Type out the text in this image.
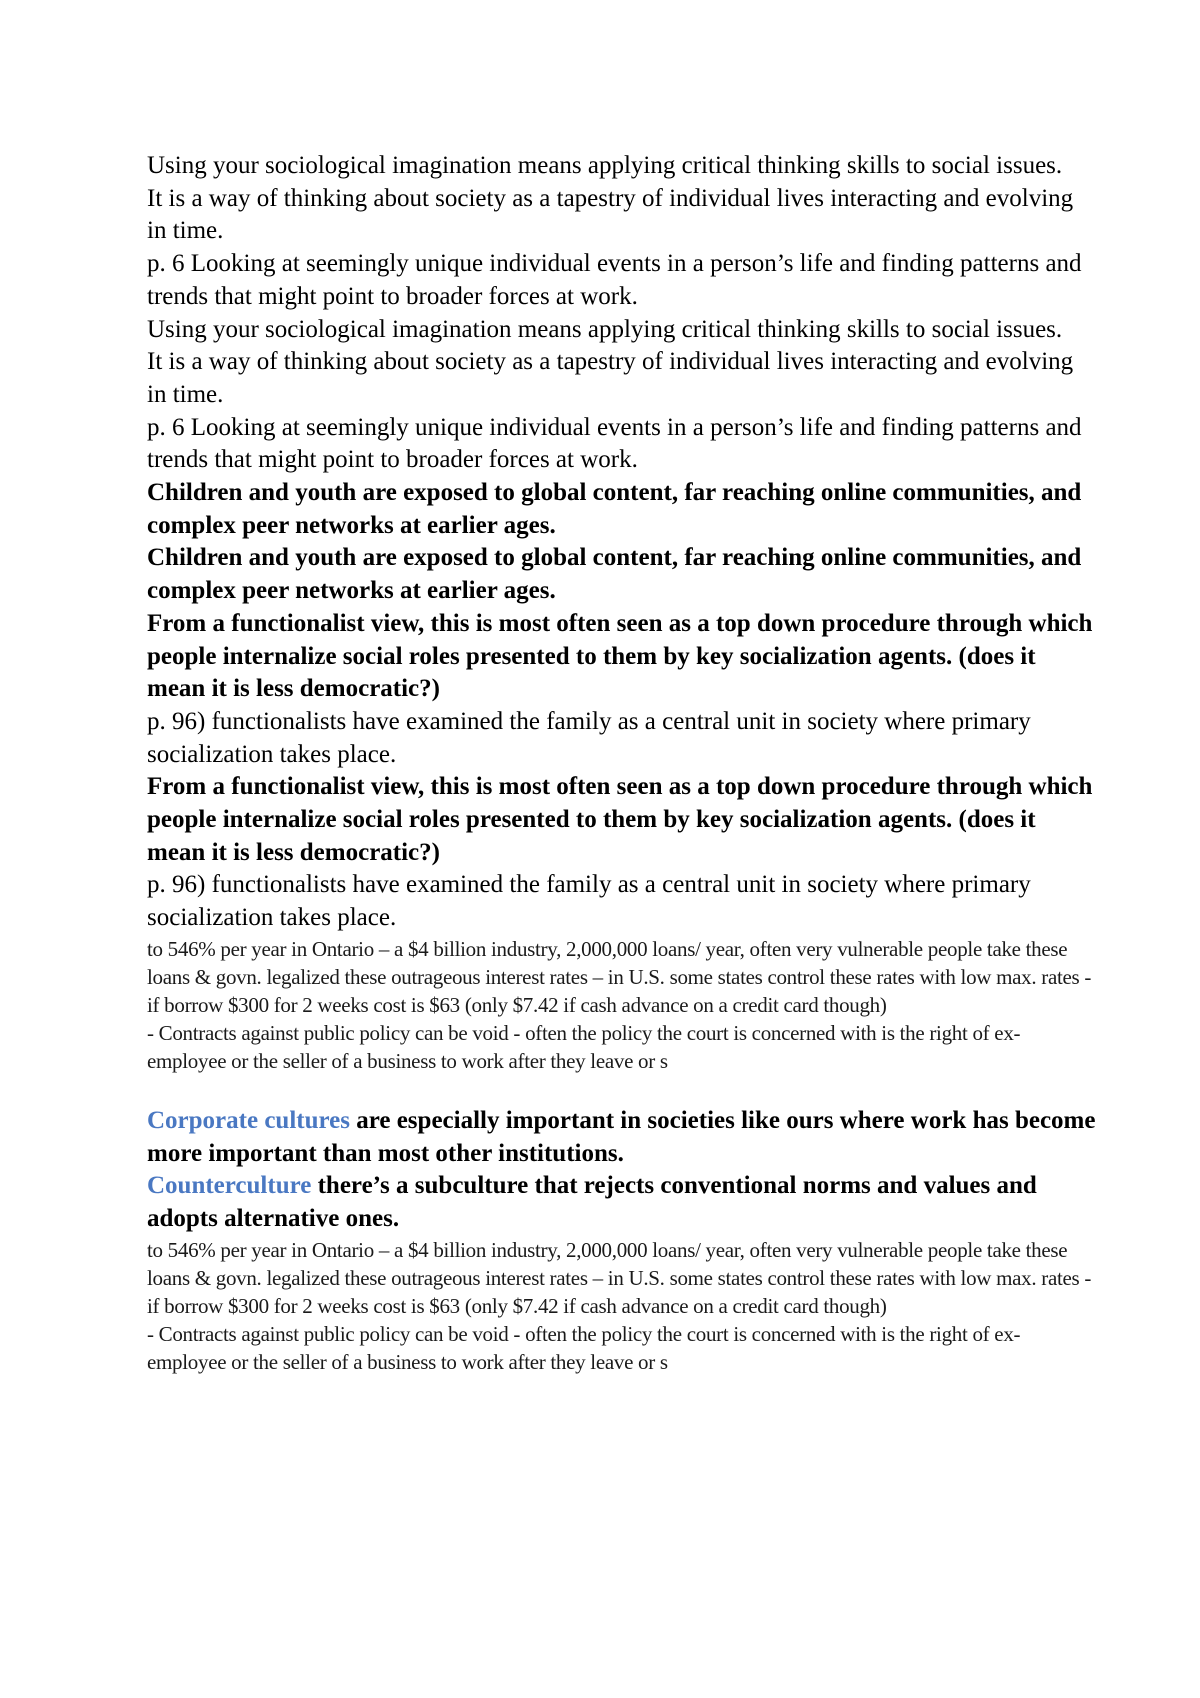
Using your sociological imagination means applying critical thinking skills to social issues.

It is a way of thinking about society as a tapestry of individual lives interacting and evolving in time.

p. 6 Looking at seemingly unique individual events in a person’s life and finding patterns and trends that might point to broader forces at work.

Using your sociological imagination means applying critical thinking skills to social issues.

It is a way of thinking about society as a tapestry of individual lives interacting and evolving in time.

p. 6 Looking at seemingly unique individual events in a person’s life and finding patterns and trends that might point to broader forces at work.

Children and youth are exposed to global content, far reaching online communities, and complex peer networks at earlier ages.

Children and youth are exposed to global content, far reaching online communities, and complex peer networks at earlier ages.

From a functionalist view, this is most often seen as a top down procedure through which people internalize social roles presented to them by key socialization agents. (does it mean it is less democratic?)

p. 96) functionalists have examined the family as a central unit in society where primary socialization takes place.

From a functionalist view, this is most often seen as a top down procedure through which people internalize social roles presented to them by key socialization agents. (does it mean it is less democratic?)

p. 96) functionalists have examined the family as a central unit in society where primary socialization takes place.

to 546% per year in Ontario – a $4 billion industry, 2,000,000 loans/ year, often very vulnerable people take these loans & govn. legalized these outrageous interest rates – in U.S. some states control these rates with low max. rates - if borrow $300 for 2 weeks cost is $63 (only $7.42 if cash advance on a credit card though)

- Contracts against public policy can be void - often the policy the court is concerned with is the right of ex-employee or the seller of a business to work after they leave or s

Corporate cultures are especially important in societies like ours where work has become more important than most other institutions.

Counterculture there’s a subculture that rejects conventional norms and values and adopts alternative ones.

to 546% per year in Ontario – a $4 billion industry, 2,000,000 loans/ year, often very vulnerable people take these loans & govn. legalized these outrageous interest rates – in U.S. some states control these rates with low max. rates - if borrow $300 for 2 weeks cost is $63 (only $7.42 if cash advance on a credit card though)

- Contracts against public policy can be void - often the policy the court is concerned with is the right of ex-employee or the seller of a business to work after they leave or s
